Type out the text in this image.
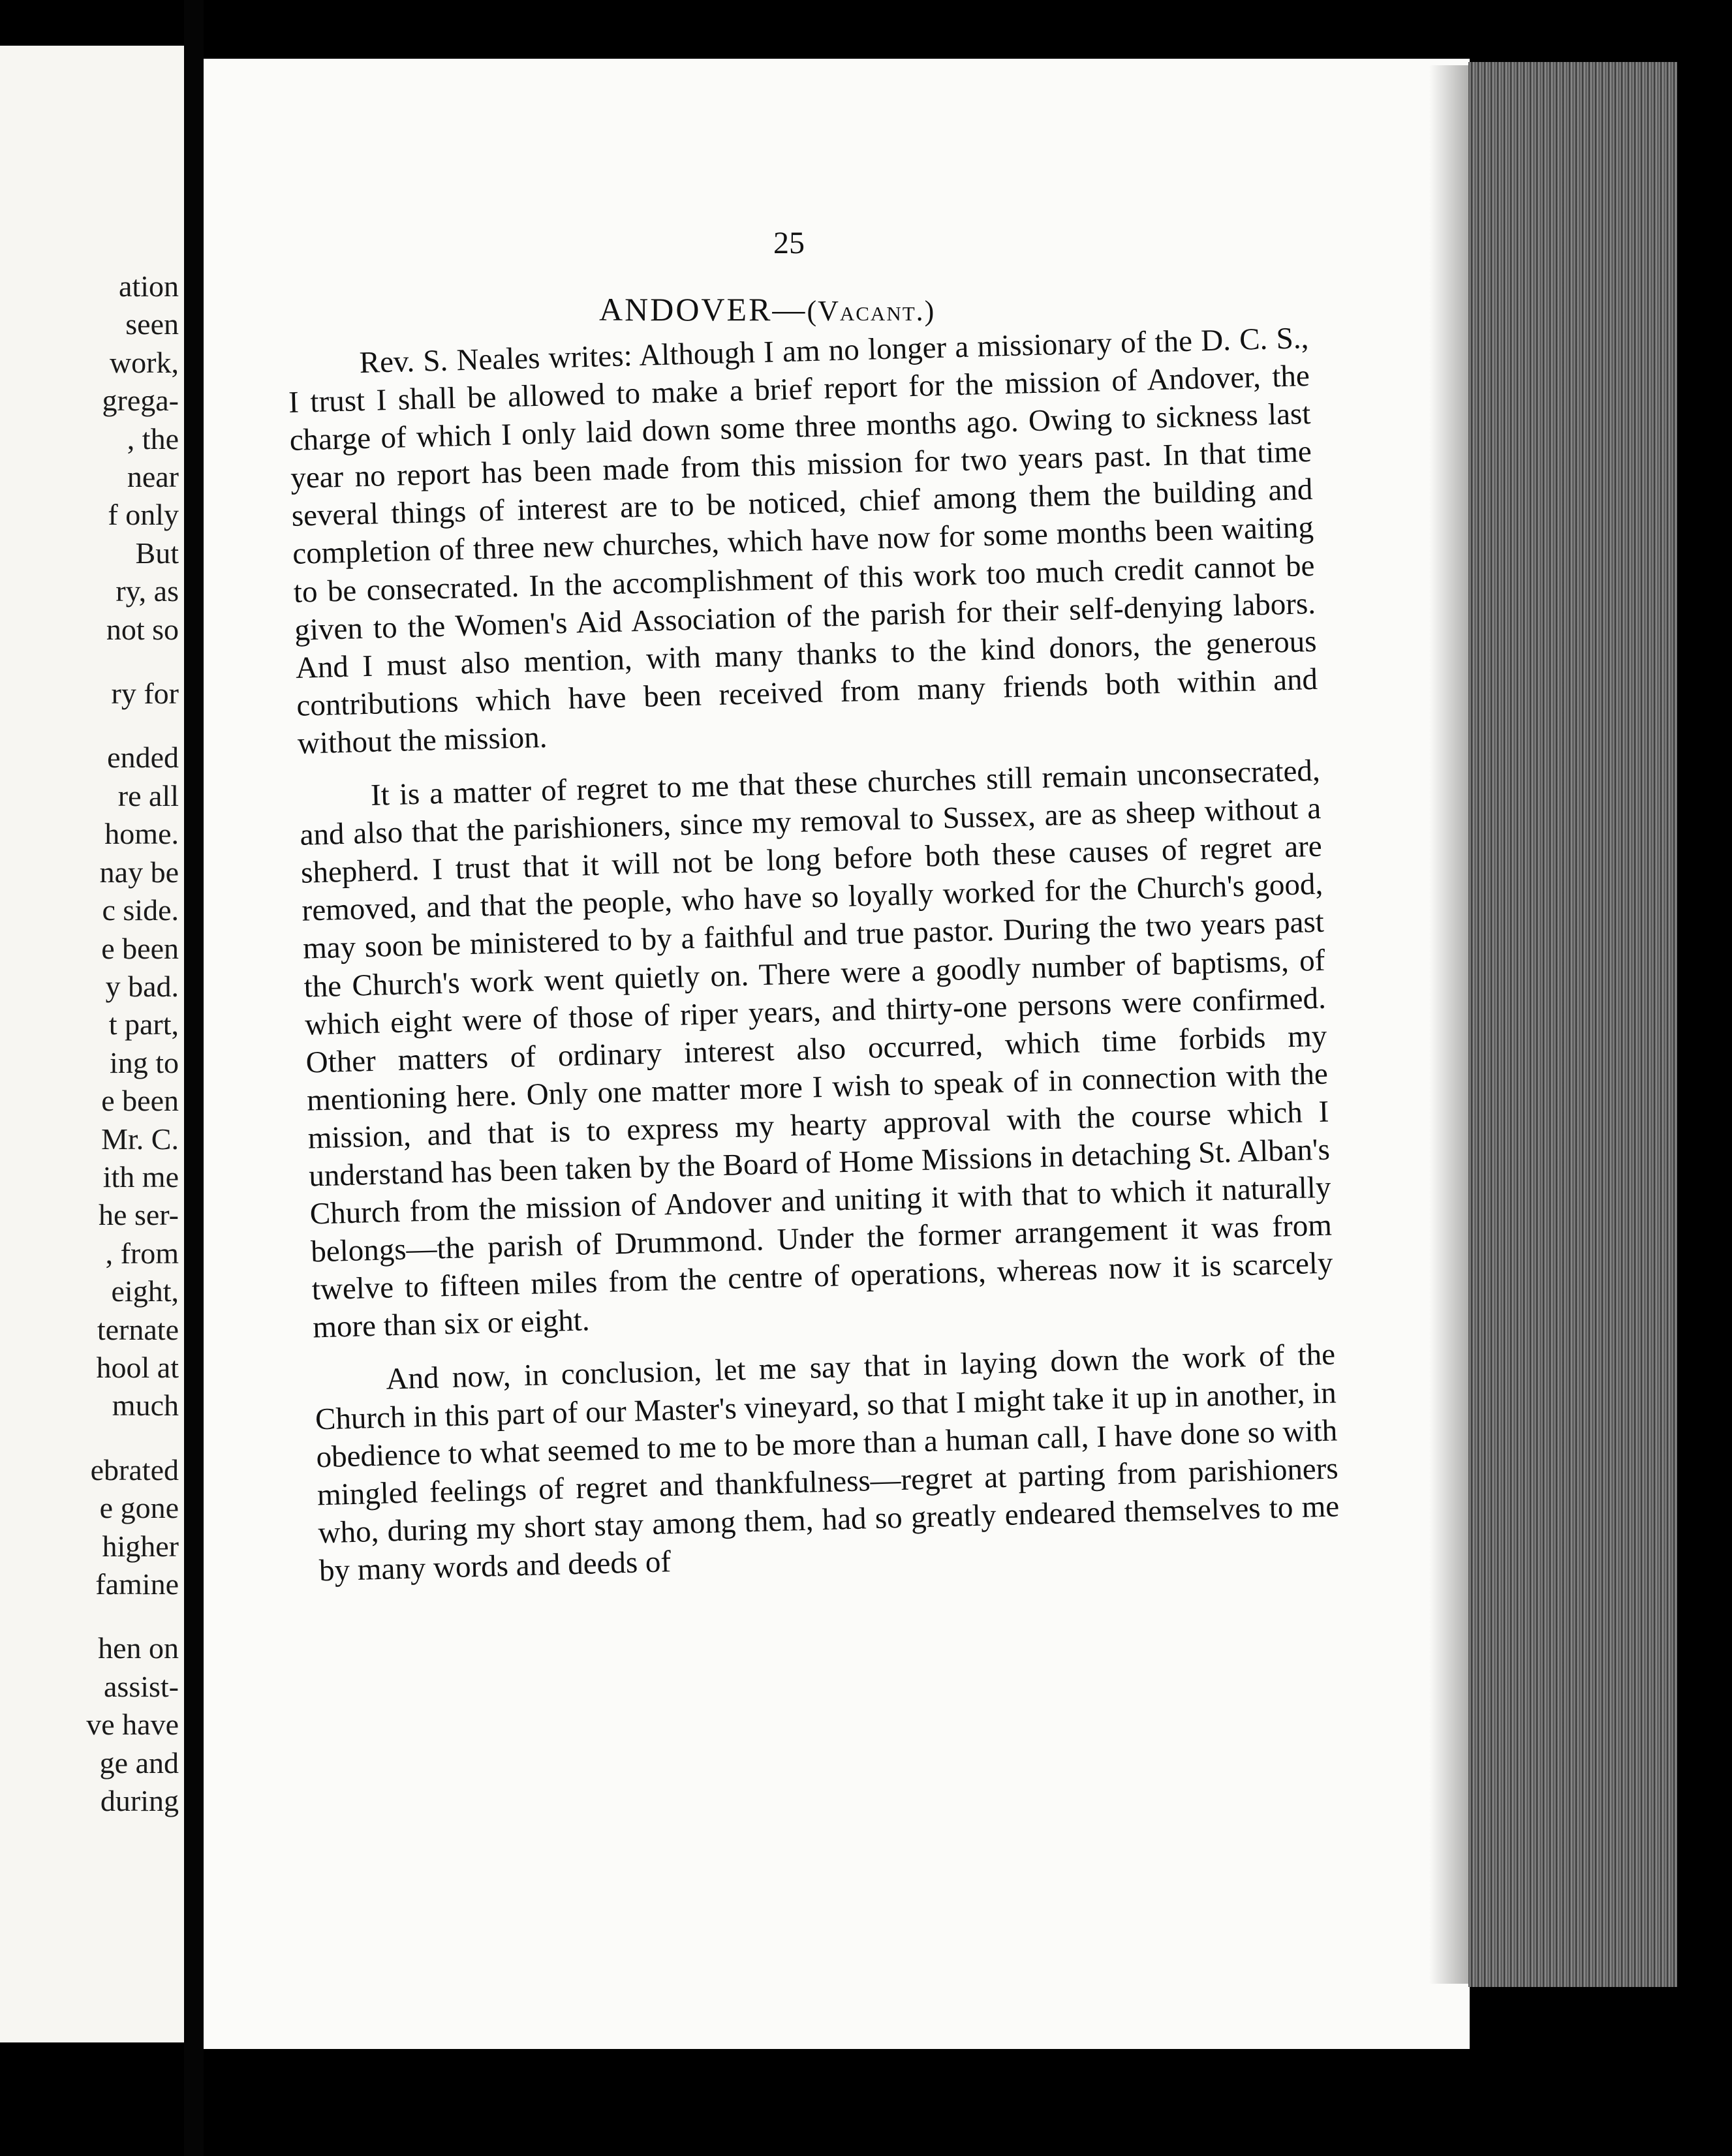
ation
seen
work,
grega-
, the
near
f only
But
ry, as
not so
ry for
ended
re all
home.
nay be
c side.
e been
y bad.
t part,
ing to
e been
Mr. C.
ith me
he ser-
, from
eight,
ternate
hool at
much
ebrated
e gone
higher
famine
hen on
assist-
ve have
ge and
during
25
ANDOVER—(Vacant.)

Rev. S. Neales writes: Although I am no longer a missionary of the D. C. S., I trust I shall be allowed to make a brief report for the mission of Andover, the charge of which I only laid down some three months ago. Owing to sickness last year no report has been made from this mission for two years past. In that time several things of interest are to be noticed, chief among them the building and completion of three new churches, which have now for some months been waiting to be consecrated. In the accomplishment of this work too much credit cannot be given to the Women's Aid Association of the parish for their self-denying labors. And I must also mention, with many thanks to the kind donors, the generous contributions which have been received from many friends both within and without the mission.

It is a matter of regret to me that these churches still remain unconsecrated, and also that the parishioners, since my removal to Sussex, are as sheep without a shepherd. I trust that it will not be long before both these causes of regret are removed, and that the people, who have so loyally worked for the Church's good, may soon be ministered to by a faithful and true pastor. During the two years past the Church's work went quietly on. There were a goodly number of baptisms, of which eight were of those of riper years, and thirty-one persons were confirmed. Other matters of ordinary interest also occurred, which time forbids my mentioning here. Only one matter more I wish to speak of in connection with the mission, and that is to express my hearty approval with the course which I understand has been taken by the Board of Home Missions in detaching St. Alban's Church from the mission of Andover and uniting it with that to which it naturally belongs—the parish of Drummond. Under the former arrangement it was from twelve to fifteen miles from the centre of operations, whereas now it is scarcely more than six or eight.

And now, in conclusion, let me say that in laying down the work of the Church in this part of our Master's vineyard, so that I might take it up in another, in obedience to what seemed to me to be more than a human call, I have done so with mingled feelings of regret and thankfulness—regret at parting from parishioners who, during my short stay among them, had so greatly endeared themselves to me by many words and deeds of
